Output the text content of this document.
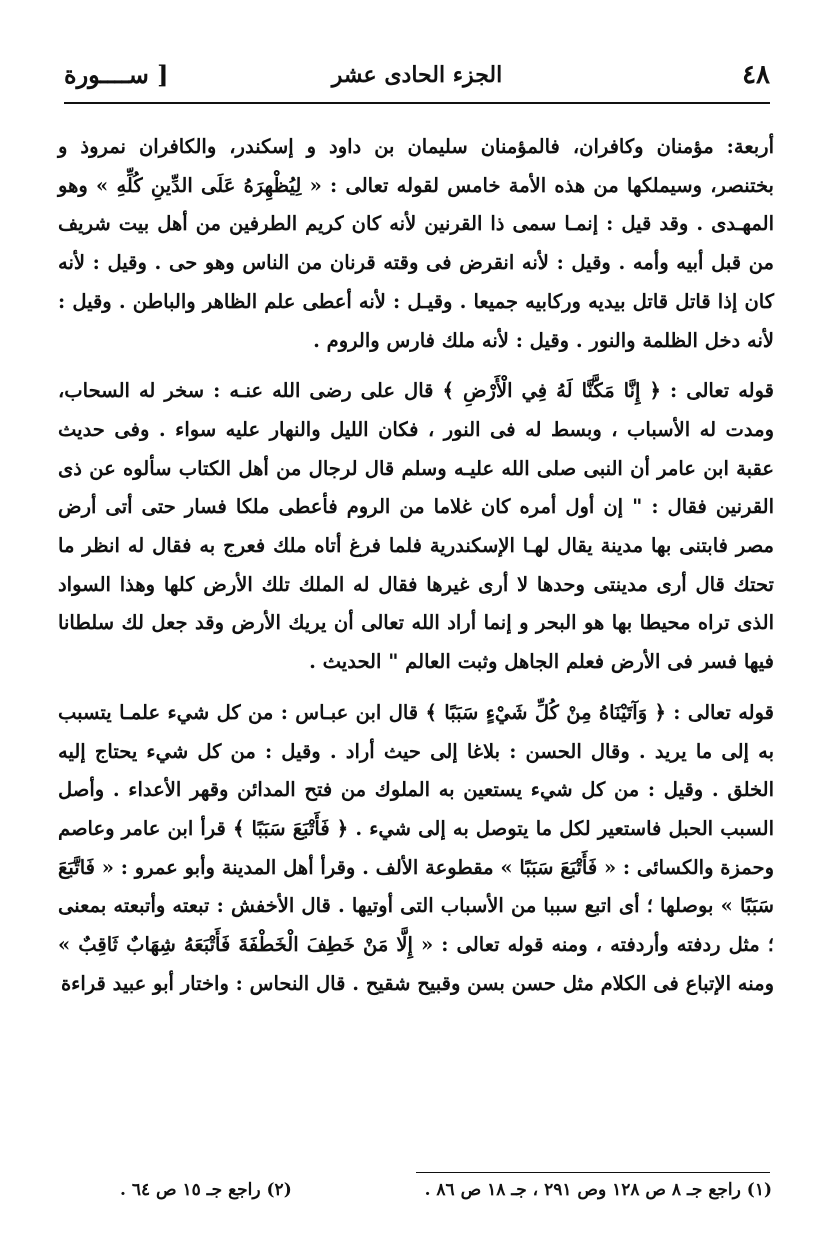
٤٨
الجزء الحادى عشر
[ ســــورة

أربعة: مؤمنان وكافران، فالمؤمنان سليمان بن داود و إسكندر، والكافران نمروذ و بختنصر، وسيملكها من هذه الأمة خامس لقوله تعالى : « لِيُظْهِرَهُ عَلَى الدِّينِ كُلِّهِ » وهو المهـدى . وقد قيل : إنمـا سمى ذا القرنين لأنه كان كريم الطرفين من أهل بيت شريف من قبل أبيه وأمه . وقيل : لأنه انقرض فى وقته قرنان من الناس وهو حى . وقيل : لأنه كان إذا قاتل قاتل بيديه وركابيه جميعا . وقيـل : لأنه أعطى علم الظاهر والباطن . وقيل : لأنه دخل الظلمة والنور . وقيل : لأنه ملك فارس والروم .

قوله تعالى : ﴿ إِنَّا مَكَّنَّا لَهُ فِي الْأَرْضِ ﴾ قال على رضى الله عنـه : سخر له السحاب، ومدت له الأسباب ، وبسط له فى النور ، فكان الليل والنهار عليه سواء . وفى حديث عقبة ابن عامر أن النبى صلى الله عليـه وسلم قال لرجال من أهل الكتاب سألوه عن ذى القرنين فقال : " إن أول أمره كان غلاما من الروم فأعطى ملكا فسار حتى أتى أرض مصر فابتنى بها مدينة يقال لهـا الإسكندرية فلما فرغ أتاه ملك فعرج به فقال له انظر ما تحتك قال أرى مدينتى وحدها لا أرى غيرها فقال له الملك تلك الأرض كلها وهذا السواد الذى تراه محيطا بها هو البحر و إنما أراد الله تعالى أن يريك الأرض وقد جعل لك سلطانا فيها فسر فى الأرض فعلم الجاهل وثبت العالم " الحديث .

قوله تعالى : ﴿ وَآتَيْنَاهُ مِنْ كُلِّ شَيْءٍ سَبَبًا ﴾ قال ابن عبـاس : من كل شيء علمـا يتسبب به إلى ما يريد . وقال الحسن : بلاغا إلى حيث أراد . وقيل : من كل شيء يحتاج إليه الخلق . وقيل : من كل شيء يستعين به الملوك من فتح المدائن وقهر الأعداء . وأصل السبب الحبل فاستعير لكل ما يتوصل به إلى شيء . ﴿ فَأَتْبَعَ سَبَبًا ﴾ قرأ ابن عامر وعاصم وحمزة والكسائى : « فَأَتْبَعَ سَبَبًا » مقطوعة الألف . وقرأ أهل المدينة وأبو عمرو : « فَاتَّبَعَ سَبَبًا » بوصلها ؛ أى اتبع سببا من الأسباب التى أوتيها . قال الأخفش : تبعته وأتبعته بمعنى ؛ مثل ردفته وأردفته ، ومنه قوله تعالى : « إِلَّا مَنْ خَطِفَ الْخَطْفَةَ فَأَتْبَعَهُ شِهَابٌ ثَاقِبٌ » ومنه الإتباع فى الكلام مثل حسن بسن وقبيح شقيح . قال النحاس : واختار أبو عبيد قراءة

(١) راجع جـ ٨ ص ١٢٨ وص ٢٩١ ، جـ ١٨ ص ٨٦ .
(٢) راجع جـ ١٥ ص ٦٤ .
